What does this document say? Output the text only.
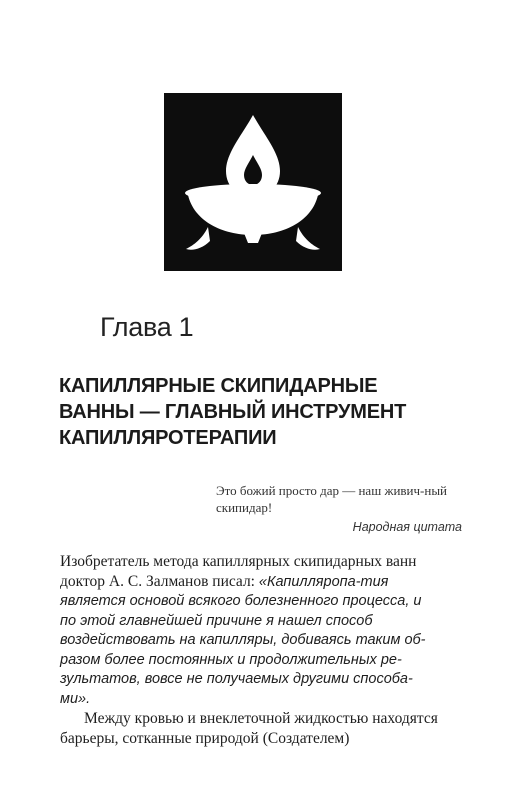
Глава 1
КАПИЛЛЯРНЫЕ СКИПИДАРНЫЕ
ВАННЫ — ГЛАВНЫЙ ИНСТРУМЕНТ
КАПИЛЛЯРОТЕРАПИИ
Это божий просто дар — наш живич-ный
скипидар!
Народная цитата
Изобретатель метода капиллярных скипидарных ванн
доктор А. С. Залманов писал: «Капилляропа-тия
является основой всякого болезненного процесса, и
по этой главнейшей причине я нашел способ
воздействовать на капилляры, добиваясь таким об-
разом более постоянных и продолжительных ре-
зультатов, вовсе не получаемых другими способа-
ми».
Между кровью и внеклеточной жидкостью находятся
барьеры, сотканные природой (Создателем)
